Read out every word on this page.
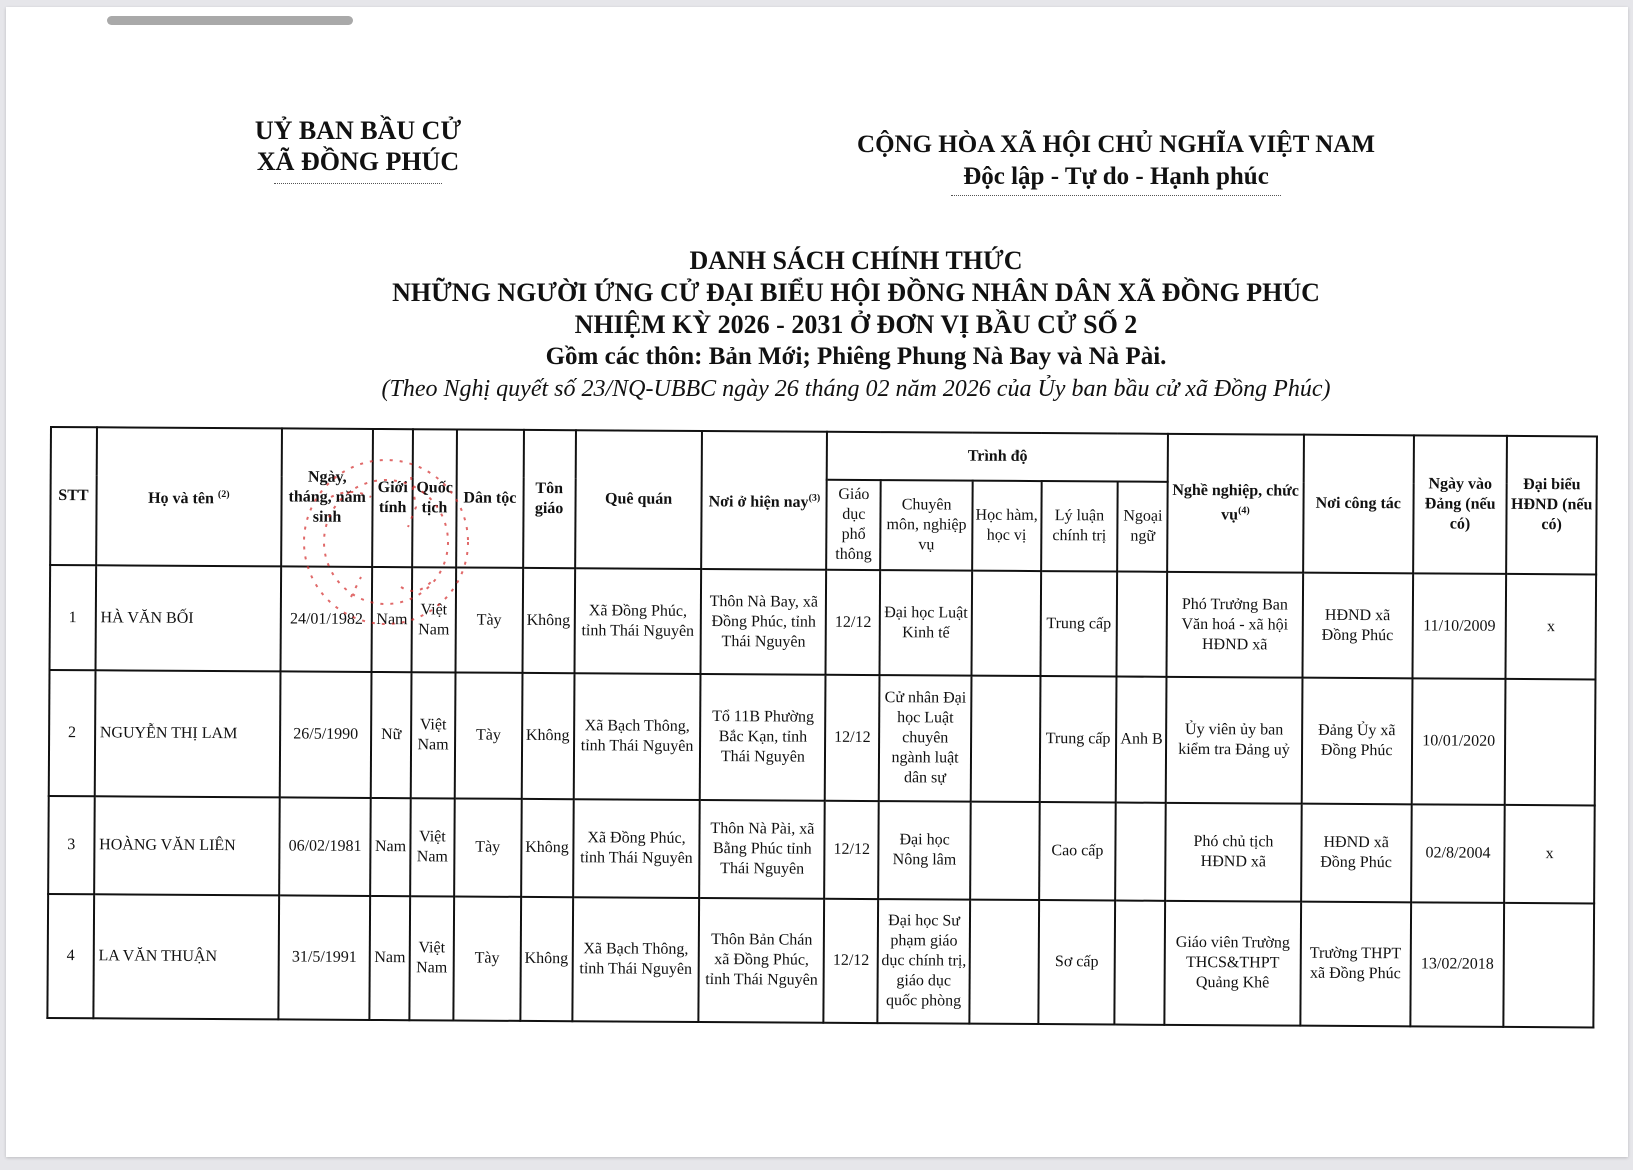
UỶ BAN BẦU CỬ
XÃ ĐỒNG PHÚC
CỘNG HÒA XÃ HỘI CHỦ NGHĨA VIỆT NAM
Độc lập - Tự do - Hạnh phúc
DANH SÁCH CHÍNH THỨC
NHỮNG NGƯỜI ỨNG CỬ ĐẠI BIỂU HỘI ĐỒNG NHÂN DÂN XÃ ĐỒNG PHÚC
NHIỆM KỲ 2026 - 2031 Ở ĐƠN VỊ BẦU CỬ SỐ 2
Gồm các thôn: Bản Mới; Phiêng Phung Nà Bay và Nà Pài.
(Theo Nghị quyết số 23/NQ-UBBC ngày 26 tháng 02 năm 2026 của Ủy ban bầu cử xã Đồng Phúc)
STT	Họ và tên $^{(2)}$	Ngày, tháng, năm sinh	Giới tính	Quốc tịch	Dân tộc	Tôn giáo	Quê quán	Nơi ở hiện nay$^{(3)}$	Trình độ					Nghề nghiệp, chức vụ$^{(4)}$	Nơi công tác	Ngày vào Đảng (nếu có)	Đại biểu HĐND (nếu có)
									Giáo dục phổ thông	Chuyên môn, nghiệp vụ	Học hàm, học vị	Lý luận chính trị	Ngoại ngữ				
1	HÀ VĂN BỐI	24/01/1982	Nam	Việt Nam	Tày	Không	Xã Đồng Phúc, tỉnh Thái Nguyên	Thôn Nà Bay, xã Đồng Phúc, tỉnh Thái Nguyên	12/12	Đại học Luật Kinh tế		Trung cấp		Phó Trưởng Ban Văn hoá - xã hội HĐND xã	HĐND xã Đồng Phúc	11/10/2009	x
2	NGUYỄN THỊ LAM	26/5/1990	Nữ	Việt Nam	Tày	Không	Xã Bạch Thông, tỉnh Thái Nguyên	Tổ 11B Phường Bắc Kạn, tỉnh Thái Nguyên	12/12	Cử nhân Đại học Luật chuyên ngành luật dân sự		Trung cấp	Anh B	Ủy viên ủy ban kiểm tra Đảng uỷ	Đảng Ủy xã Đồng Phúc	10/01/2020	
3	HOÀNG VĂN LIÊN	06/02/1981	Nam	Việt Nam	Tày	Không	Xã Đồng Phúc, tỉnh Thái Nguyên	Thôn Nà Pài, xã Bằng Phúc tỉnh Thái Nguyên	12/12	Đại học Nông lâm		Cao cấp		Phó chủ tịch HĐND xã	HĐND xã Đồng Phúc	02/8/2004	x
4	LA VĂN THUẬN	31/5/1991	Nam	Việt Nam	Tày	Không	Xã Bạch Thông, tỉnh Thái Nguyên	Thôn Bản Chán xã Đồng Phúc, tỉnh Thái Nguyên	12/12	Đại học Sư phạm giáo dục chính trị, giáo dục quốc phòng		Sơ cấp		Giáo viên Trường THCS&THPT Quảng Khê	Trường THPT xã Đồng Phúc	13/02/2018	
